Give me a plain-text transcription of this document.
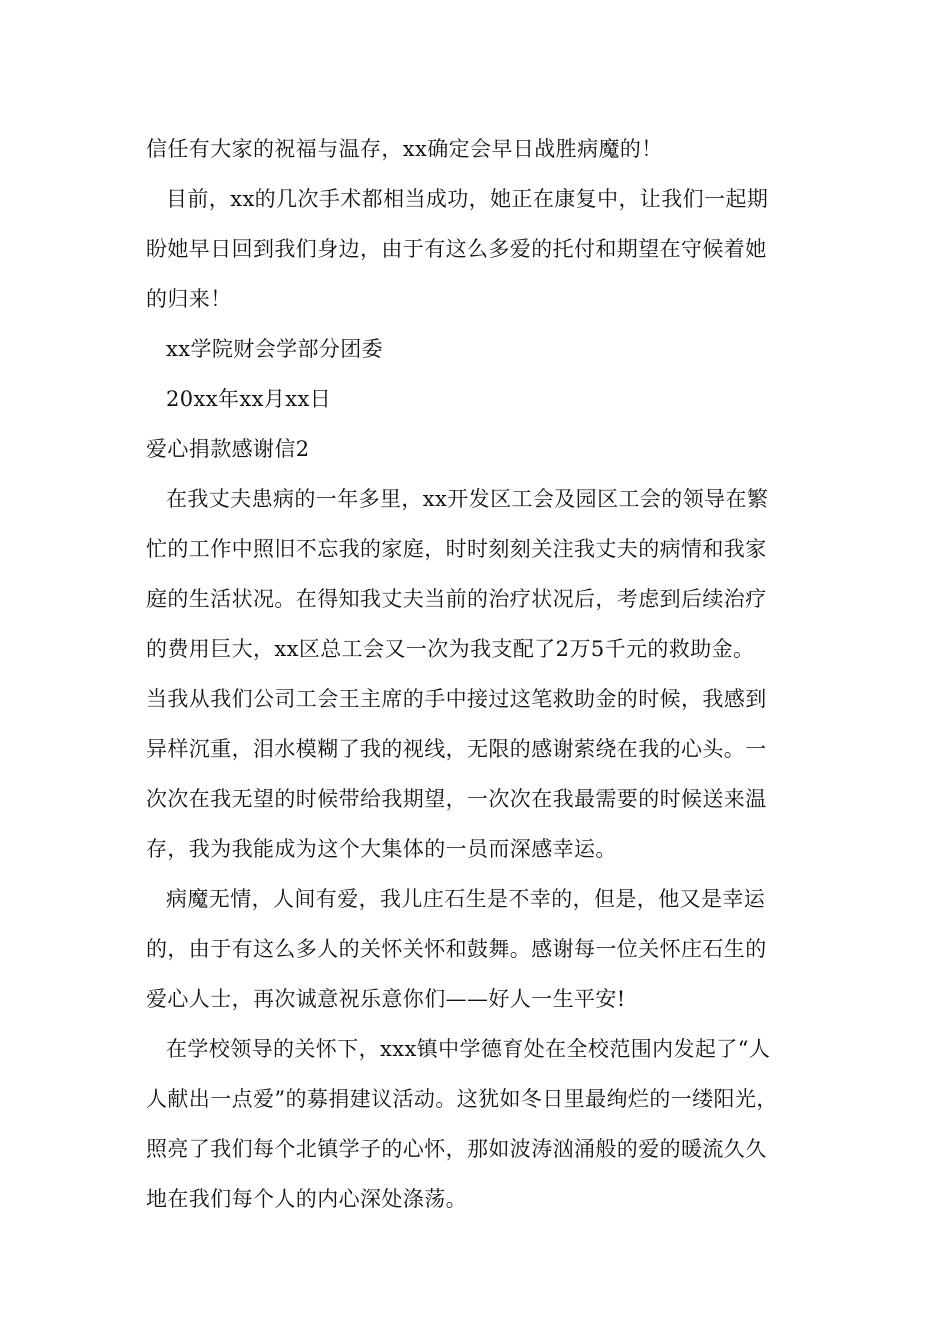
信任有大家的祝福与温存，xx确定会早日战胜病魔的！
目前，xx的几次手术都相当成功，她正在康复中，让我们一起期
盼她早日回到我们身边，由于有这么多爱的托付和期望在守候着她
的归来！
xx学院财会学部分团委
20xx年xx月xx日
爱心捐款感谢信2
在我丈夫患病的一年多里，xx开发区工会及园区工会的领导在繁
忙的工作中照旧不忘我的家庭，时时刻刻关注我丈夫的病情和我家
庭的生活状况。在得知我丈夫当前的治疗状况后，考虑到后续治疗
的费用巨大，xx区总工会又一次为我支配了2万5千元的救助金。
当我从我们公司工会王主席的手中接过这笔救助金的时候，我感到
异样沉重，泪水模糊了我的视线，无限的感谢萦绕在我的心头。一
次次在我无望的时候带给我期望，一次次在我最需要的时候送来温
存，我为我能成为这个大集体的一员而深感幸运。
病魔无情，人间有爱，我儿庄石生是不幸的，但是，他又是幸运
的，由于有这么多人的关怀关怀和鼓舞。感谢每一位关怀庄石生的
爱心人士，再次诚意祝乐意你们——好人一生平安!
在学校领导的关怀下，xxx镇中学德育处在全校范围内发起了“人
人献出一点爱”的募捐建议活动。这犹如冬日里最绚烂的一缕阳光，
照亮了我们每个北镇学子的心怀，那如波涛汹涌般的爱的暖流久久
地在我们每个人的内心深处涤荡。
